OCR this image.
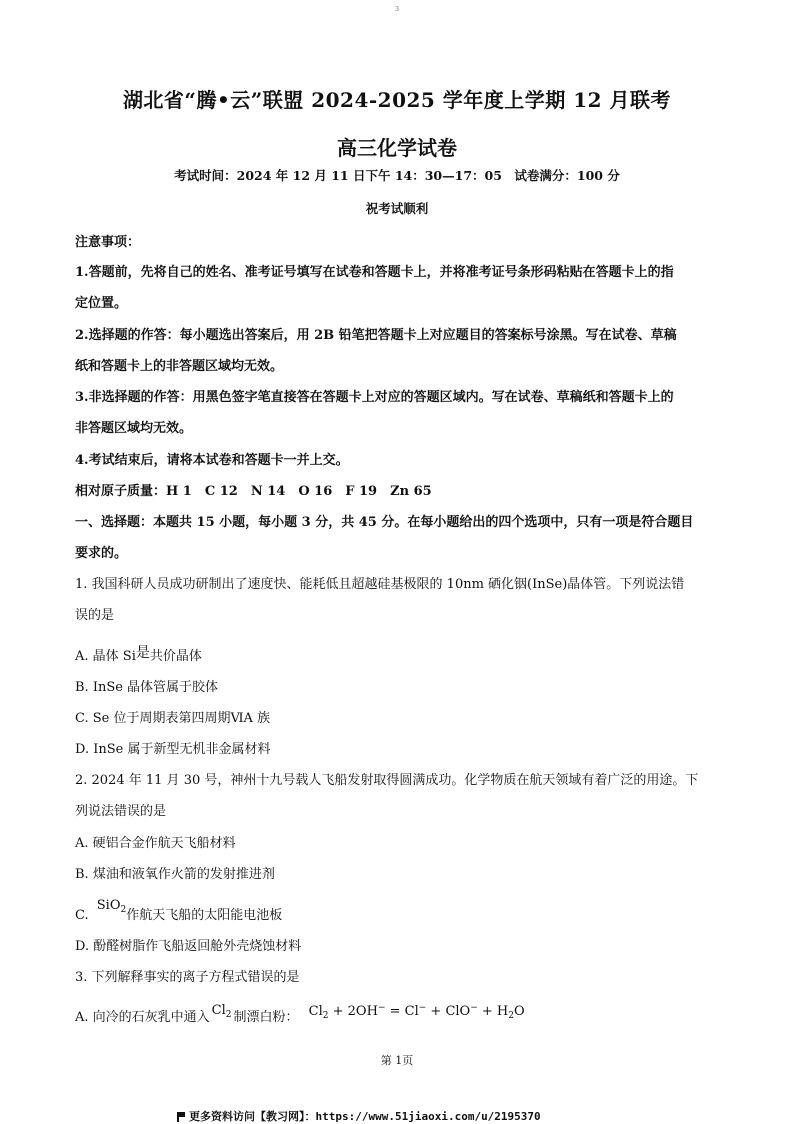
3
湖北省“腾•云”联盟 2024-2025 学年度上学期 12 月联考
高三化学试卷
考试时间：2024 年 12 月 11 日下午 14：30—17：05　试卷满分：100 分
祝考试顺利
注意事项：
1.答题前，先将自己的姓名、准考证号填写在试卷和答题卡上，并将准考证号条形码粘贴在答题卡上的指
定位置。
2.选择题的作答：每小题选出答案后，用 2B 铅笔把答题卡上对应题目的答案标号涂黑。写在试卷、草稿
纸和答题卡上的非答题区域均无效。
3.非选择题的作答：用黑色签字笔直接答在答题卡上对应的答题区域内。写在试卷、草稿纸和答题卡上的
非答题区域均无效。
4.考试结束后，请将本试卷和答题卡一并上交。
相对原子质量：H 1　C 12　N 14　O 16　F 19　Zn 65
一、选择题：本题共 15 小题，每小题 3 分，共 45 分。在每小题给出的四个选项中，只有一项是符合题目
要求的。
1. 我国科研人员成功研制出了速度快、能耗低且超越硅基极限的 10nm 硒化铟(InSe)晶体管。下列说法错
误的是
A. 晶体 Si是共价晶体
B. InSe 晶体管属于胶体
C. Se 位于周期表第四周期ⅥA 族
D. InSe 属于新型无机非金属材料
2. 2024 年 11 月 30 号，神州十九号载人飞船发射取得圆满成功。化学物质在航天领域有着广泛的用途。下
列说法错误的是
A. 硬铝合金作航天飞船材料
B. 煤油和液氧作火箭的发射推进剂
C. SiO$_2$作航天飞船的太阳能电池板
D. 酚醛树脂作飞船返回舱外壳烧蚀材料
3. 下列解释事实的离子方程式错误的是
A. 向冷的石灰乳中通入 $Cl_2$ 制漂白粉： $Cl_2 + 2OH^- = Cl^- + ClO^- + H_2O$
第 1页
更多资料访问【教习网】：https://www.51jiaoxi.com/u/2195370
